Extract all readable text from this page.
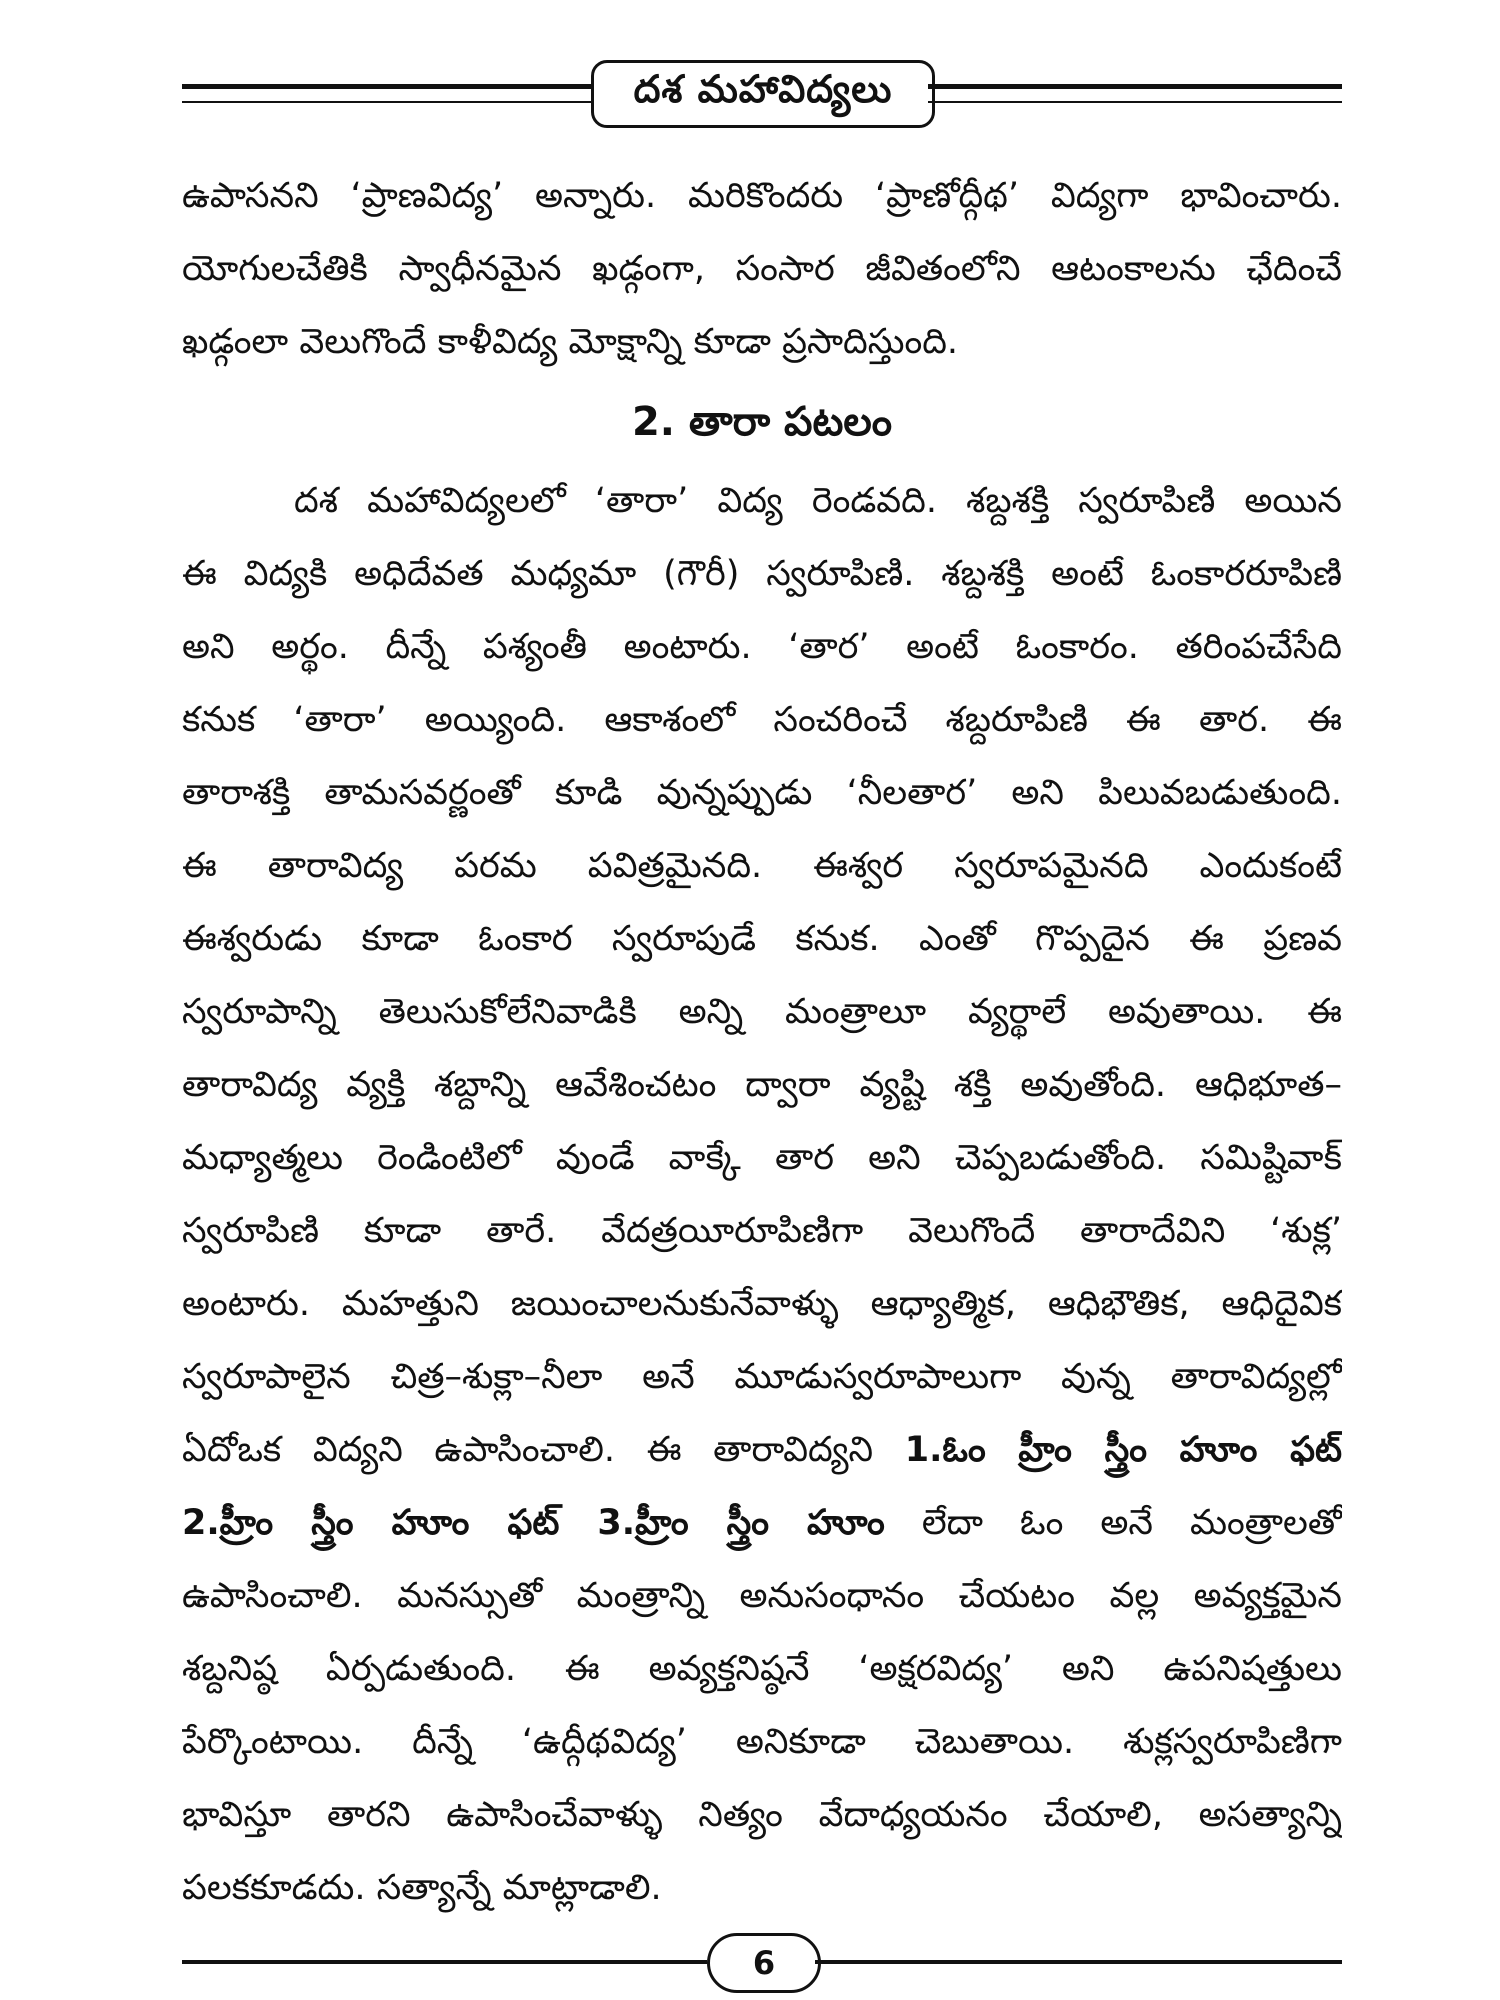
దశ మహావిద్యలు
ఉపాసనని ‘ప్రాణవిద్య’ అన్నారు. మరికొందరు ‘ప్రాణోద్గీథ’ విద్యగా భావించారు.
యోగులచేతికి స్వాధీనమైన ఖడ్గంగా, సంసార జీవితంలోని ఆటంకాలను ఛేదించే
ఖడ్గంలా వెలుగొందే కాళీవిద్య మోక్షాన్ని కూడా ప్రసాదిస్తుంది.
2. తారా పటలం
దశ మహావిద్యలలో ‘తారా’ విద్య రెండవది. శబ్దశక్తి స్వరూపిణి అయిన
ఈ విద్యకి అధిదేవత మధ్యమా (గౌరీ) స్వరూపిణి. శబ్దశక్తి అంటే ఓంకారరూపిణి
అని అర్థం. దీన్నే పశ్యంతీ అంటారు. ‘తార’ అంటే ఓంకారం. తరింపచేసేది
కనుక ‘తారా’ అయ్యింది. ఆకాశంలో సంచరించే శబ్దరూపిణి ఈ తార. ఈ
తారాశక్తి తామసవర్ణంతో కూడి వున్నప్పుడు ‘నీలతార’ అని పిలువబడుతుంది.
ఈ తారావిద్య పరమ పవిత్రమైనది. ఈశ్వర స్వరూపమైనది ఎందుకంటే
ఈశ్వరుడు కూడా ఓంకార స్వరూపుడే కనుక. ఎంతో గొప్పదైన ఈ ప్రణవ
స్వరూపాన్ని తెలుసుకోలేనివాడికి అన్ని మంత్రాలూ వ్యర్థాలే అవుతాయి. ఈ
తారావిద్య వ్యక్తి శబ్దాన్ని ఆవేశించటం ద్వారా వ్యష్టి శక్తి అవుతోంది. ఆధిభూత–
మధ్యాత్మలు రెండింటిలో వుండే వాక్కే తార అని చెప్పబడుతోంది. సమిష్టివాక్
స్వరూపిణి కూడా తారే. వేదత్రయీరూపిణిగా వెలుగొందే తారాదేవిని ‘శుక్ల’
అంటారు. మహత్తుని జయించాలనుకునేవాళ్ళు ఆధ్యాత్మిక, ఆధిభౌతిక, ఆధిదైవిక
స్వరూపాలైన చిత్ర–శుక్లా–నీలా అనే మూడుస్వరూపాలుగా వున్న తారావిద్యల్లో
ఏదోఒక విద్యని ఉపాసించాలి. ఈ తారావిద్యని 1.ఓం హ్రీం స్త్రీం హూం ఫట్
2.హ్రీం స్త్రీం హూం ఫట్ 3.హ్రీం స్త్రీం హూం లేదా ఓం అనే మంత్రాలతో
ఉపాసించాలి. మనస్సుతో మంత్రాన్ని అనుసంధానం చేయటం వల్ల అవ్యక్తమైన
శబ్దనిష్ఠ ఏర్పడుతుంది. ఈ అవ్యక్తనిష్ఠనే ‘అక్షరవిద్య’ అని ఉపనిషత్తులు
పేర్కొంటాయి. దీన్నే ‘ఉద్గీథవిద్య’ అనికూడా చెబుతాయి. శుక్లస్వరూపిణిగా
భావిస్తూ తారని ఉపాసించేవాళ్ళు నిత్యం వేదాధ్యయనం చేయాలి, అసత్యాన్ని
పలకకూడదు. సత్యాన్నే మాట్లాడాలి.
6
